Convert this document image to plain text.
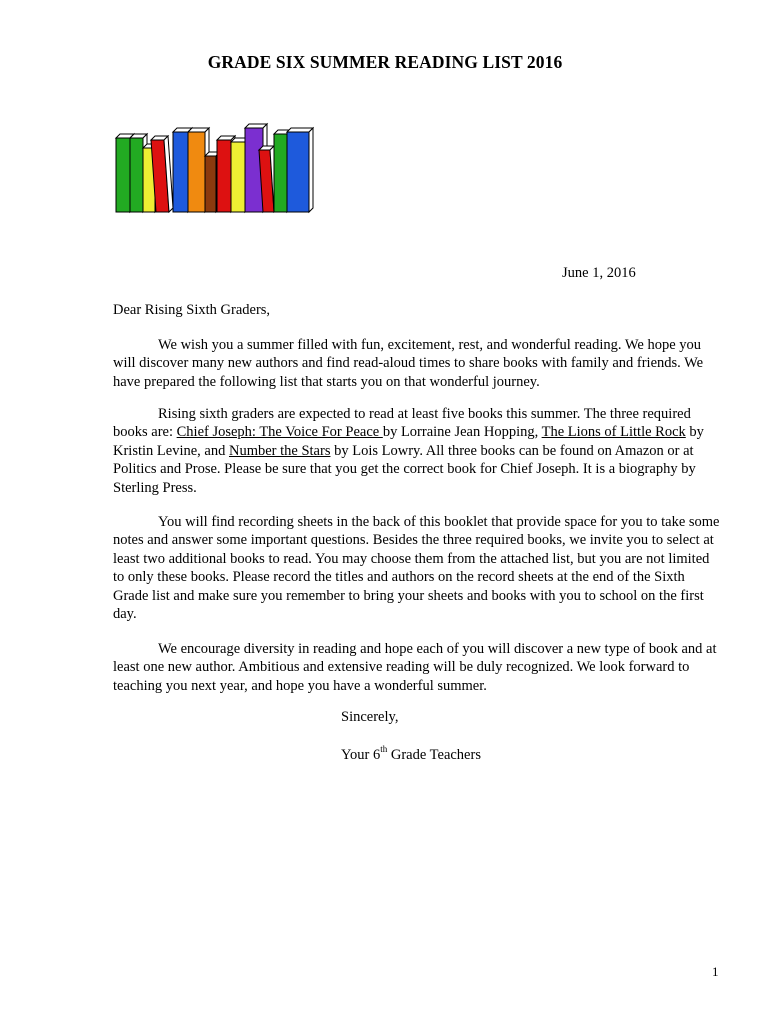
GRADE SIX SUMMER READING LIST 2016
June 1, 2016
Dear Rising Sixth Graders,

We wish you a summer filled with fun, excitement, rest, and wonderful reading. We hope you will discover many new authors and find read-aloud times to share books with family and friends. We have prepared the following list that starts you on that wonderful journey.

Rising sixth graders are expected to read at least five books this summer. The three required books are: Chief Joseph: The Voice For Peace by Lorraine Jean Hopping, The Lions of Little Rock by Kristin Levine, and Number the Stars by Lois Lowry. All three books can be found on Amazon or at Politics and Prose. Please be sure that you get the correct book for Chief Joseph. It is a biography by Sterling Press.

You will find recording sheets in the back of this booklet that provide space for you to take some notes and answer some important questions. Besides the three required books, we invite you to select at least two additional books to read. You may choose them from the attached list, but you are not limited to only these books. Please record the titles and authors on the record sheets at the end of the Sixth Grade list and make sure you remember to bring your sheets and books with you to school on the first day.

We encourage diversity in reading and hope each of you will discover a new type of book and at least one new author. Ambitious and extensive reading will be duly recognized. We look forward to teaching you next year, and hope you have a wonderful summer.

Sincerely,
Your 6th Grade Teachers
1
